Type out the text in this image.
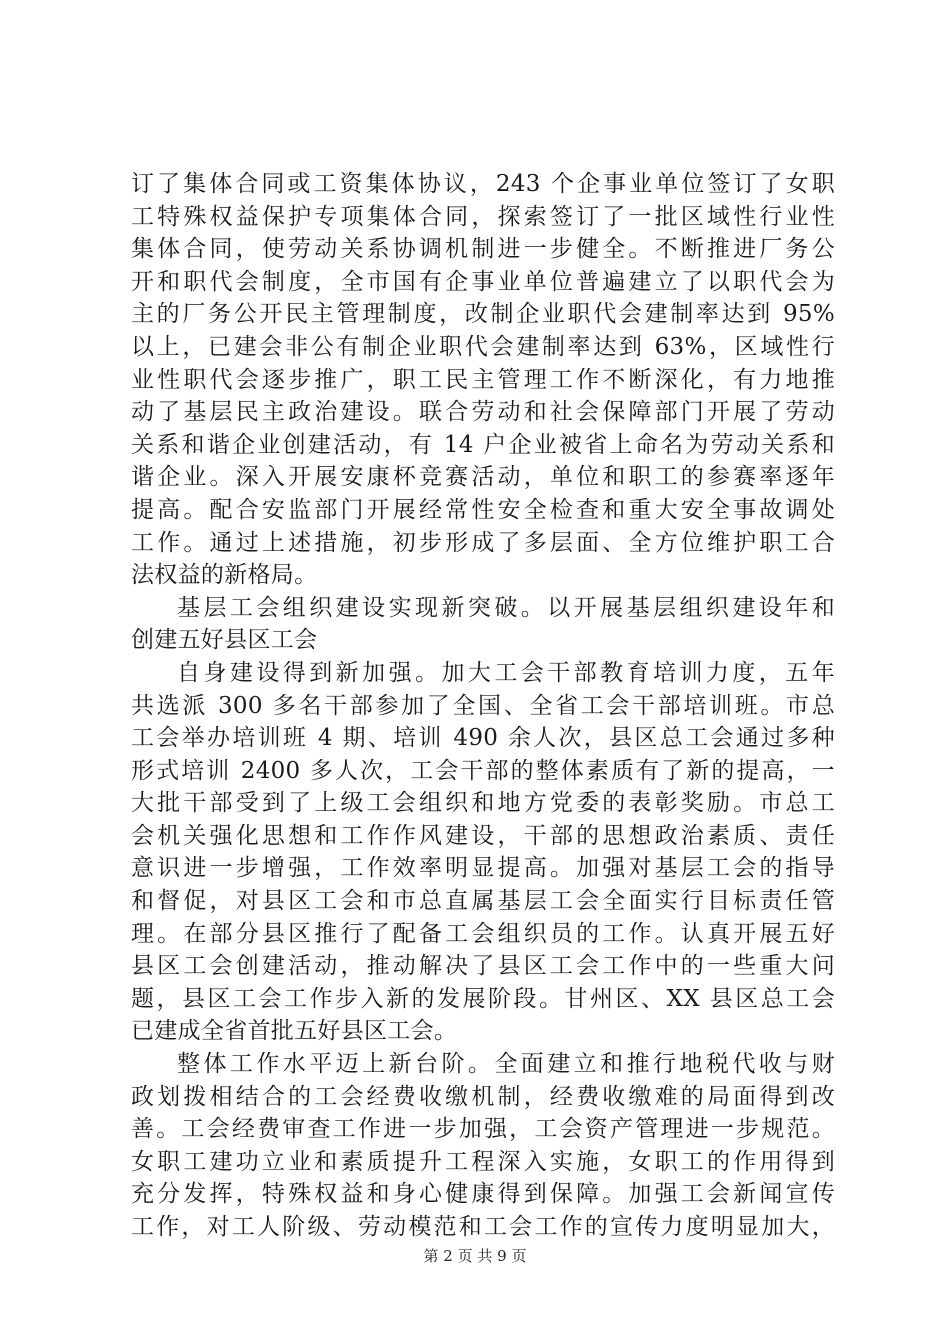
订了集体合同或工资集体协议，243 个企事业单位签订了女职
工特殊权益保护专项集体合同，探索签订了一批区域性行业性
集体合同，使劳动关系协调机制进一步健全。不断推进厂务公
开和职代会制度，全市国有企事业单位普遍建立了以职代会为
主的厂务公开民主管理制度，改制企业职代会建制率达到 95%
以上，已建会非公有制企业职代会建制率达到 63%，区域性行
业性职代会逐步推广，职工民主管理工作不断深化，有力地推
动了基层民主政治建设。联合劳动和社会保障部门开展了劳动
关系和谐企业创建活动，有 14 户企业被省上命名为劳动关系和
谐企业。深入开展安康杯竞赛活动，单位和职工的参赛率逐年
提高。配合安监部门开展经常性安全检查和重大安全事故调处
工作。通过上述措施，初步形成了多层面、全方位维护职工合
法权益的新格局。
基层工会组织建设实现新突破。以开展基层组织建设年和
创建五好县区工会
自身建设得到新加强。加大工会干部教育培训力度，五年
共选派 300 多名干部参加了全国、全省工会干部培训班。市总
工会举办培训班 4 期、培训 490 余人次，县区总工会通过多种
形式培训 2400 多人次，工会干部的整体素质有了新的提高，一
大批干部受到了上级工会组织和地方党委的表彰奖励。市总工
会机关强化思想和工作作风建设，干部的思想政治素质、责任
意识进一步增强，工作效率明显提高。加强对基层工会的指导
和督促，对县区工会和市总直属基层工会全面实行目标责任管
理。在部分县区推行了配备工会组织员的工作。认真开展五好
县区工会创建活动，推动解决了县区工会工作中的一些重大问
题，县区工会工作步入新的发展阶段。甘州区、XX 县区总工会
已建成全省首批五好县区工会。
整体工作水平迈上新台阶。全面建立和推行地税代收与财
政划拨相结合的工会经费收缴机制，经费收缴难的局面得到改
善。工会经费审查工作进一步加强，工会资产管理进一步规范。
女职工建功立业和素质提升工程深入实施，女职工的作用得到
充分发挥，特殊权益和身心健康得到保障。加强工会新闻宣传
工作，对工人阶级、劳动模范和工会工作的宣传力度明显加大，
第 2 页 共 9 页
